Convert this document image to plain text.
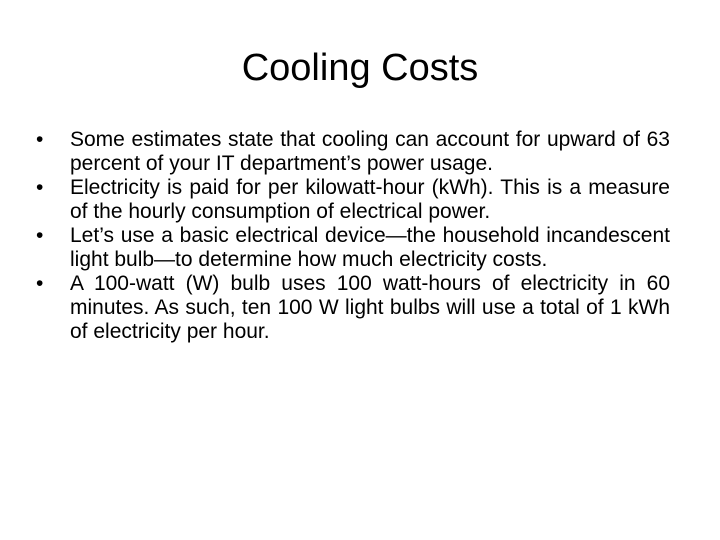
Cooling Costs
•	Some estimates state that cooling can account for upward of 63 percent of your IT department’s power usage.
•	Electricity is paid for per kilowatt-hour (kWh). This is a measure of the hourly consumption of electrical power.
•	Let’s use a basic electrical device—the household incandescent light bulb—to determine how much electricity costs.
•	A 100-watt (W) bulb uses 100 watt-hours of electricity in 60 minutes. As such, ten 100 W light bulbs will use a total of 1 kWh of electricity per hour.
